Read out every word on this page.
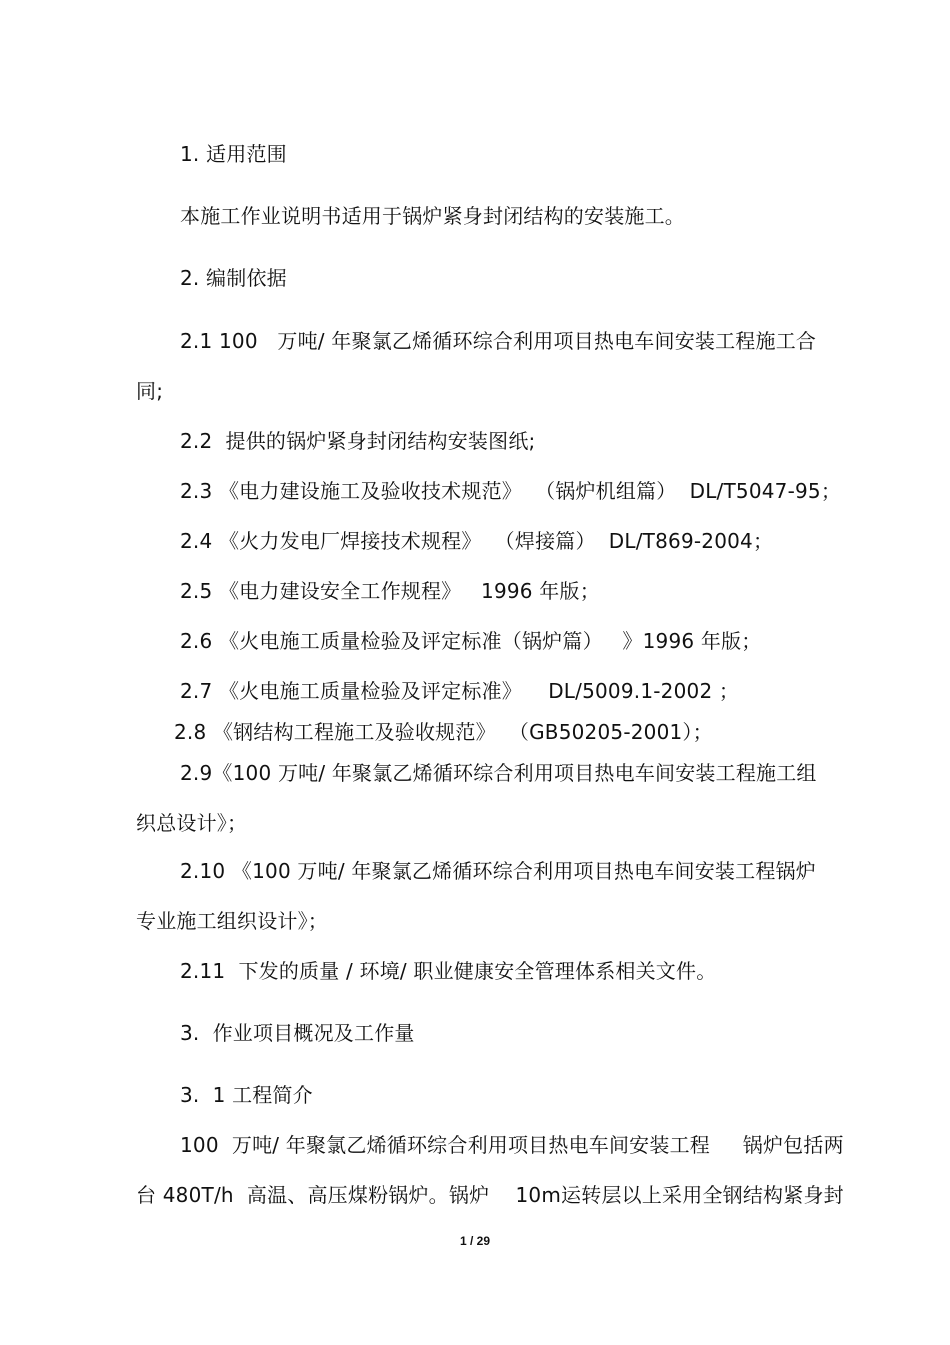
1. 适用范围
本施工作业说明书适用于锅炉紧身封闭结构的安装施工。
2. 编制依据
2.1 100   万吨/ 年聚氯乙烯循环综合利用项目热电车间安装工程施工合
同;
2.2  提供的锅炉紧身封闭结构安装图纸;
2.3 《电力建设施工及验收技术规范》  （锅炉机组篇）  DL/T5047-95；
2.4 《火力发电厂焊接技术规程》  （焊接篇）  DL/T869-2004；
2.5 《电力建设安全工作规程》   1996 年版；
2.6 《火电施工质量检验及评定标准（锅炉篇）   》1996 年版；
2.7 《火电施工质量检验及评定标准》    DL/5009.1-2002 ；
2.8 《钢结构工程施工及验收规范》  （GB50205-2001）；
2.9《100 万吨/ 年聚氯乙烯循环综合利用项目热电车间安装工程施工组
织总设计》；
2.10 《100 万吨/ 年聚氯乙烯循环综合利用项目热电车间安装工程锅炉
专业施工组织设计》；
2.11  下发的质量 / 环境/ 职业健康安全管理体系相关文件。
3.  作业项目概况及工作量
3.  1 工程简介
100  万吨/ 年聚氯乙烯循环综合利用项目热电车间安装工程     锅炉包括两
台 480T/h  高温、高压煤粉锅炉。锅炉    10m运转层以上采用全钢结构紧身封
1 / 29
